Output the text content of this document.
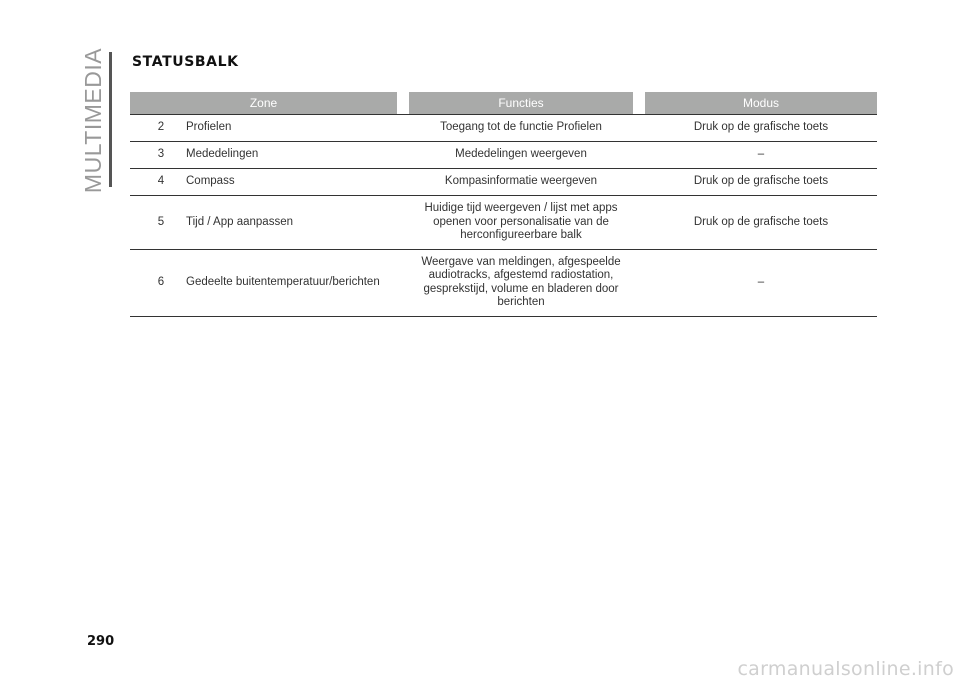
MULTIMEDIA STATUSBALK
Zone		Functies		Modus

2 Profielen		Toegang tot de functie Profielen		Druk op de grafische toets

3 Mededelingen		Mededelingen weergeven		–

4 Compass		Kompasinformatie weergeven		Druk op de grafische toets

5 Tijd / App aanpassen		Huidige tijd weergeven / lijst met apps openen voor personalisatie van de herconfigureerbare balk		Druk op de grafische toets

6 Gedeelte buitentemperatuur/berichten		Weergave van meldingen, afgespeelde audiotracks, afgestemd radiostation, gesprekstijd, volume en bladeren door berichten		–

290

carmanualsonline.info
